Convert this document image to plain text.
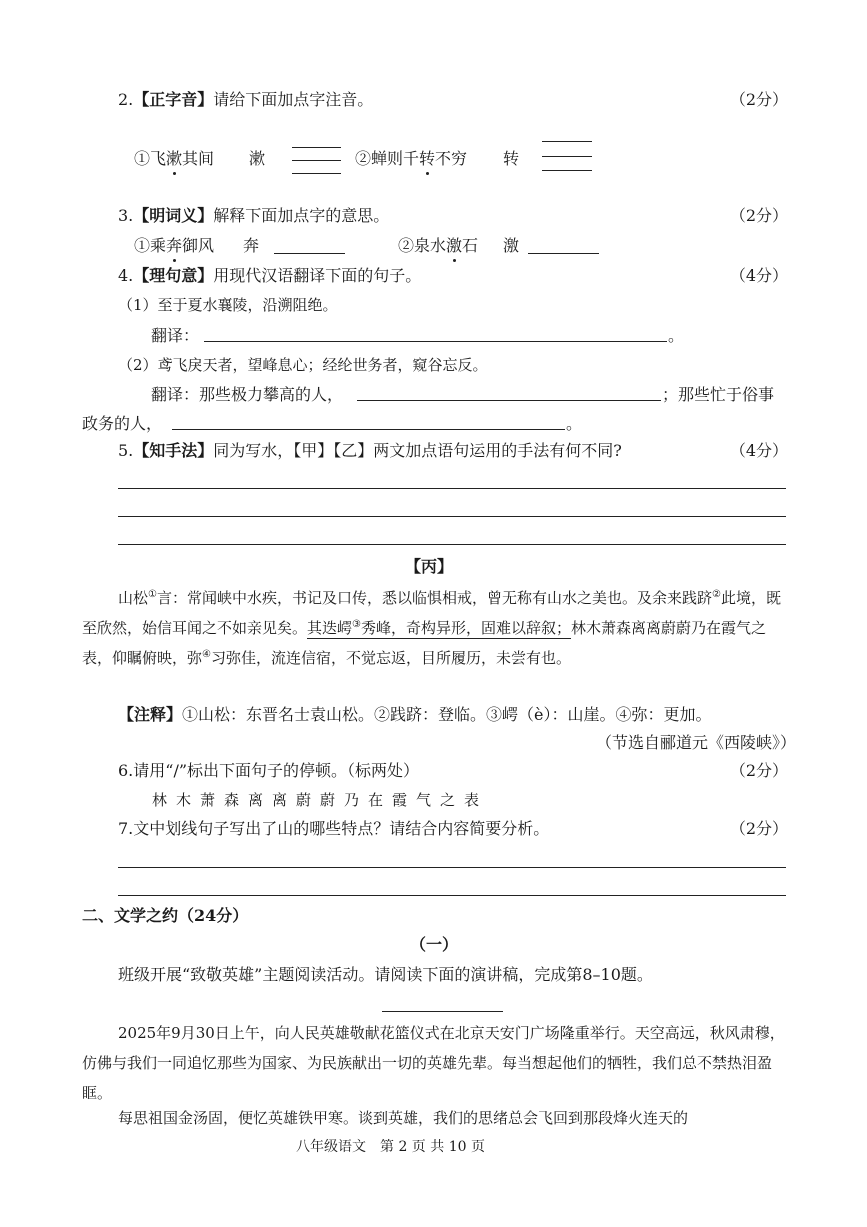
2.【正字音】请给下面加点字注音。	（2分）
①飞漱其间 漱	②蝉则千转不穷 转
3.【明词义】解释下面加点字的意思。	（2分）
①乘奔御风 奔	②泉水激石 激
4.【理句意】用现代汉语翻译下面的句子。	（4分）
（1）至于夏水襄陵，沿溯阻绝。
翻译：	。
（2）鸢飞戾天者，望峰息心；经纶世务者，窥谷忘反。
翻译：那些极力攀高的人，	；那些忙于俗事
政务的人，	。
5.【知手法】同为写水，【甲】【乙】两文加点语句运用的手法有何不同?	（4分）
【丙】
山松①言：常闻峡中水疾，书记及口传，悉以临惧相戒，曾无称有山水之美也。及余来践跻②此境，既至欣然，始信耳闻之不如亲见矣。其迭崿③秀峰，奇构异形，固难以辞叙；林木萧森离离蔚蔚乃在霞气之表，仰瞩俯映，弥④习弥佳，流连信宿，不觉忘返，目所履历，未尝有也。
【注释】①山松：东晋名士袁山松。②践跻：登临。③崿（è）：山崖。④弥：更加。
（节选自郦道元《西陵峡》）
6.请用“/”标出下面句子的停顿。（标两处）	（2分）
林木萧森离离蔚蔚乃在霞气之表
7.文中划线句子写出了山的哪些特点？请结合内容简要分析。	（2分）
二、文学之约（24分）
（一）
班级开展“致敬英雄”主题阅读活动。请阅读下面的演讲稿，完成第8–10题。
2025年9月30日上午，向人民英雄敬献花篮仪式在北京天安门广场隆重举行。天空高远，秋风肃穆，仿佛与我们一同追忆那些为国家、为民族献出一切的英雄先辈。每当想起他们的牺牲，我们总不禁热泪盈眶。
每思祖国金汤固，便忆英雄铁甲寒。谈到英雄，我们的思绪总会飞回到那段烽火连天的
八年级语文　第 2 页 共 10 页
